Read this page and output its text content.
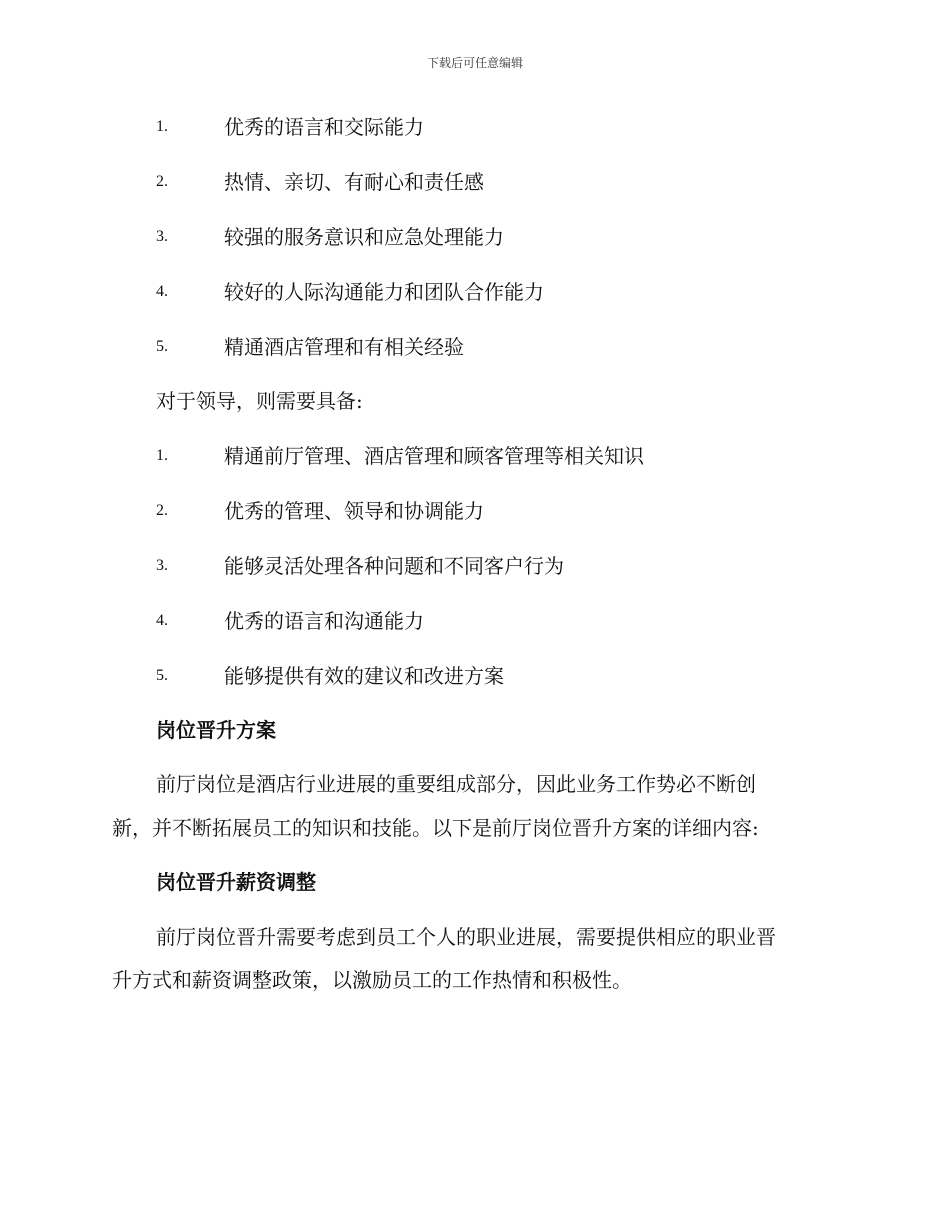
下载后可任意编辑
1.	优秀的语言和交际能力
2.	热情、亲切、有耐心和责任感
3.	较强的服务意识和应急处理能力
4.	较好的人际沟通能力和团队合作能力
5.	精通酒店管理和有相关经验
对于领导，则需要具备:
1.	精通前厅管理、酒店管理和顾客管理等相关知识
2.	优秀的管理、领导和协调能力
3.	能够灵活处理各种问题和不同客户行为
4.	优秀的语言和沟通能力
5.	能够提供有效的建议和改进方案
岗位晋升方案
前厅岗位是酒店行业进展的重要组成部分，因此业务工作势必不断创
新，并不断拓展员工的知识和技能。以下是前厅岗位晋升方案的详细内容:
岗位晋升薪资调整
前厅岗位晋升需要考虑到员工个人的职业进展，需要提供相应的职业晋
升方式和薪资调整政策，以激励员工的工作热情和积极性。
